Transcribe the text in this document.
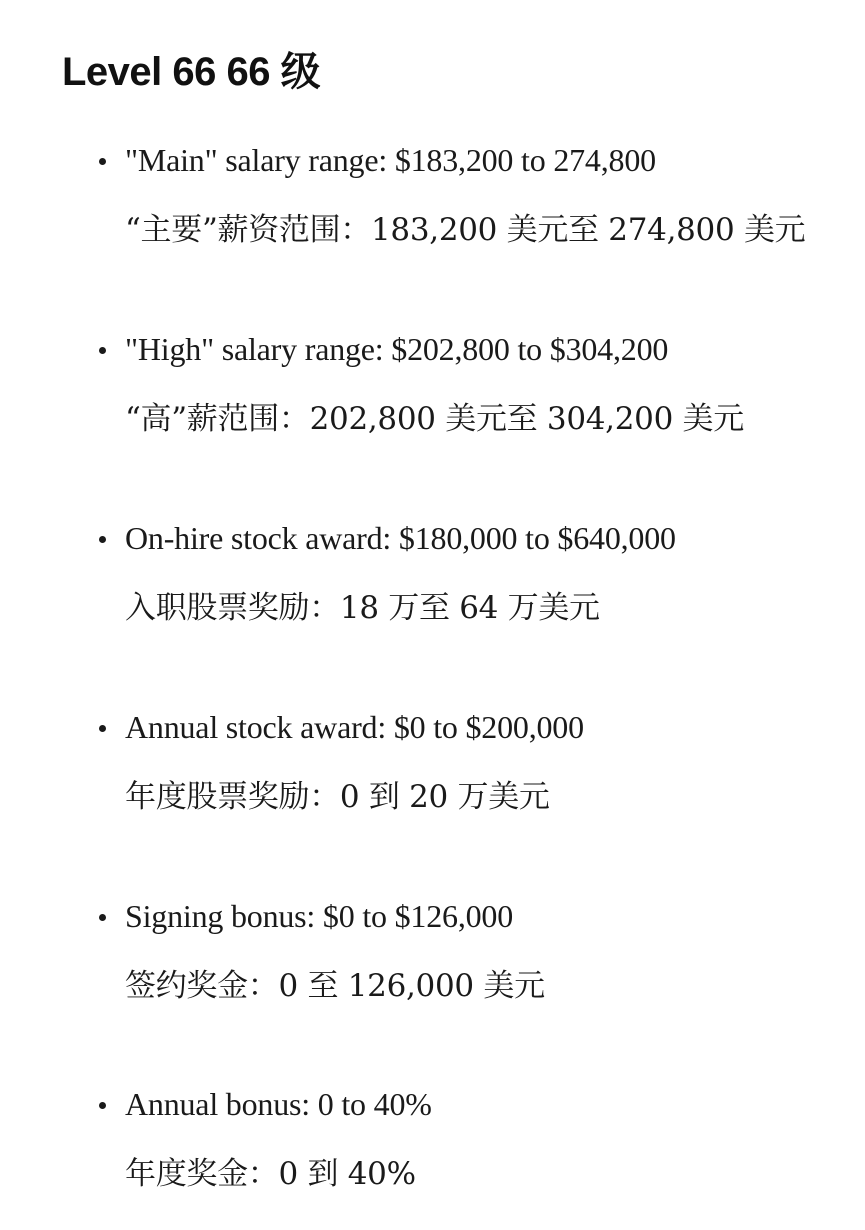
Level 66 66 级

"Main" salary range: $183,200 to 274,800

“主要”薪资范围：183,200 美元至 274,800 美元

"High" salary range: $202,800 to $304,200

“高”薪范围：202,800 美元至 304,200 美元

On-hire stock award: $180,000 to $640,000

入职股票奖励：18 万至 64 万美元

Annual stock award: $0 to $200,000

年度股票奖励：0 到 20 万美元

Signing bonus: $0 to $126,000

签约奖金：0 至 126,000 美元

Annual bonus: 0 to 40%

年度奖金：0 到 40%
